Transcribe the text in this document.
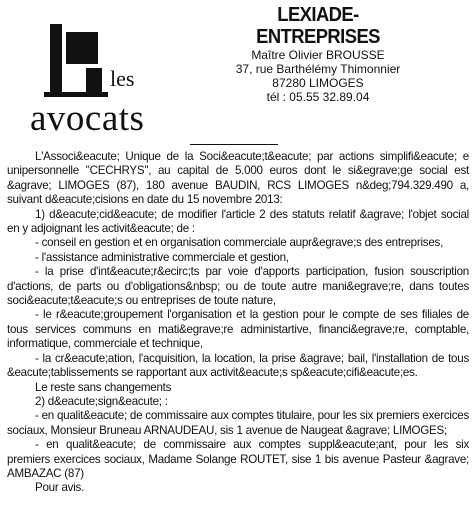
les
avocats
LEXIADE-ENTREPRISES
Maître Olivier BROUSSE
37, rue Barthélémy Thimonnier
87280 LIMOGES
tél : 05.55 32.89.04

L'Associ&eacute; Unique de la Soci&eacute;t&eacute; par actions simplifi&eacute; e unipersonnelle "CECHRYS", au capital de 5.000 euros dont le si&egrave;ge social est &agrave; LIMOGES (87), 180 avenue BAUDIN, RCS LIMOGES n&deg;794.329.490 a, suivant d&eacute;cisions en date du 15 novembre 2013:

1) d&eacute;cid&eacute; de modifier l'article 2 des statuts relatif &agrave; l'objet social en y adjoignant les activit&eacute; de :

- conseil en gestion et en organisation commerciale aupr&egrave;s des entreprises,

- l'assistance administrative commerciale et gestion,

- la prise d'int&eacute;r&ecirc;ts par voie d'apports participation, fusion souscription d'actions, de parts ou d'obligations&nbsp; ou de toute autre mani&egrave;re, dans toutes soci&eacute;t&eacute;s ou entreprises de toute nature,

- le r&eacute;groupement l'organisation et la gestion pour le compte de ses filiales de tous services communs en mati&egrave;re administartive, financi&egrave;re, comptable, informatique, commerciale et technique,

- la cr&eacute;ation, l'acquisition, la location, la prise &agrave; bail, l'installation de tous &eacute;tablissements se rapportant aux activit&eacute;s sp&eacute;cifi&eacute;es.

Le reste sans changements

2) d&eacute;sign&eacute; :

- en qualit&eacute; de commissaire aux comptes titulaire, pour les six premiers exercices sociaux, Monsieur Bruneau ARNAUDEAU, sis 1 avenue de Naugeat &agrave; LIMOGES;

- en qualit&eacute; de commissaire aux comptes suppl&eacute;ant, pour les six premiers exercices sociaux, Madame Solange ROUTET, sise 1 bis avenue Pasteur &agrave; AMBAZAC (87)

Pour avis.
